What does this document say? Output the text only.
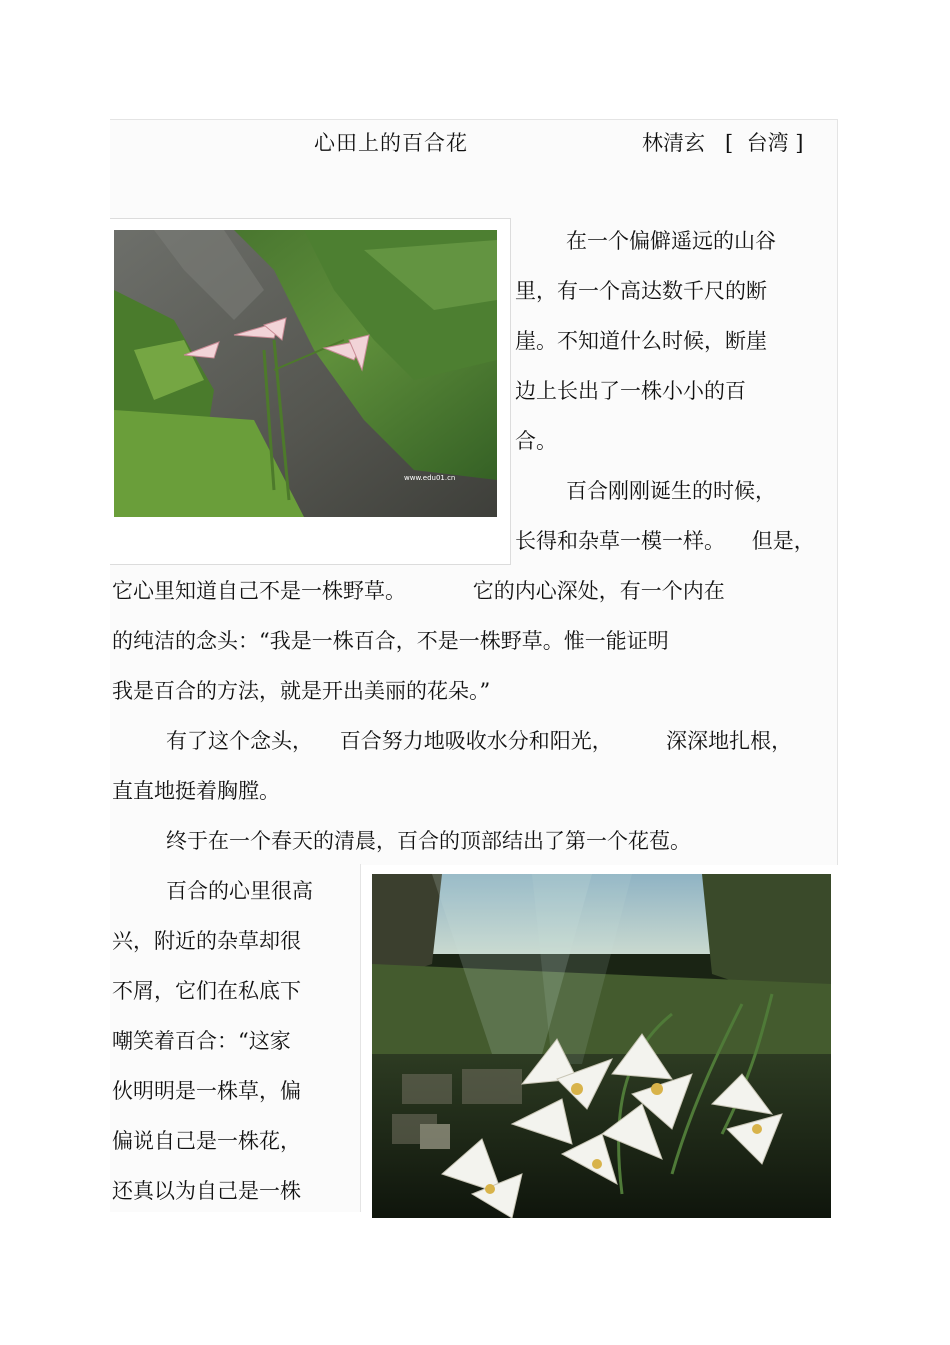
心田上的百合花	林清玄   [  台湾 ]
www.edu01.cn
在一个偏僻遥远的山谷
里，有一个高达数千尺的断
崖。不知道什么时候，断崖
边上长出了一株小小的百
合。
百合刚刚诞生的时候，
长得和杂草一模一样。    但是，
它心里知道自己不是一株野草。          它的内心深处，有一个内在
的纯洁的念头：“我是一株百合，不是一株野草。惟一能证明
我是百合的方法，就是开出美丽的花朵。”
有了这个念头，    百合努力地吸收水分和阳光，        深深地扎根，
直直地挺着胸膛。
终于在一个春天的清晨，百合的顶部结出了第一个花苞。
百合的心里很高
兴，附近的杂草却很
不屑，它们在私底下
嘲笑着百合：“这家
伙明明是一株草，偏
偏说自己是一株花，
还真以为自己是一株
